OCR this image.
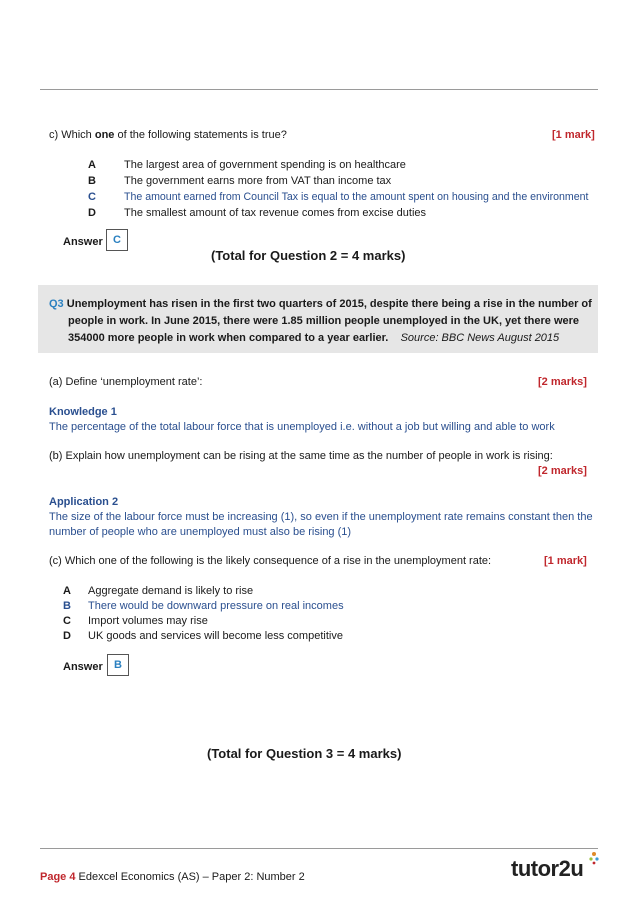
c) Which one of the following statements is true?	[1 mark]
A	The largest area of government spending is on healthcare
B	The government earns more from VAT than income tax
C	The amount earned from Council Tax is equal to the amount spent on housing and the environment
D	The smallest amount of tax revenue comes from excise duties
Answer C
(Total for Question 2 = 4 marks)
Q3 Unemployment has risen in the first two quarters of 2015, despite there being a rise in the number of
people in work. In June 2015, there were 1.85 million people unemployed in the UK, yet there were
354000 more people in work when compared to a year earlier. Source: BBC News August 2015
(a) Define ‘unemployment rate’:	[2 marks]
Knowledge 1
The percentage of the total labour force that is unemployed i.e. without a job but willing and able to work
(b) Explain how unemployment can be rising at the same time as the number of people in work is rising:
[2 marks]
Application 2
The size of the labour force must be increasing (1), so even if the unemployment rate remains constant then the
number of people who are unemployed must also be rising (1)
(c) Which one of the following is the likely consequence of a rise in the unemployment rate:	[1 mark]
A Aggregate demand is likely to rise
B There would be downward pressure on real incomes
C Import volumes may rise
D UK goods and services will become less competitive
Answer	B
(Total for Question 3 = 4 marks)
Page 4 Edexcel Economics (AS) – Paper 2: Number 2	tutor2u
